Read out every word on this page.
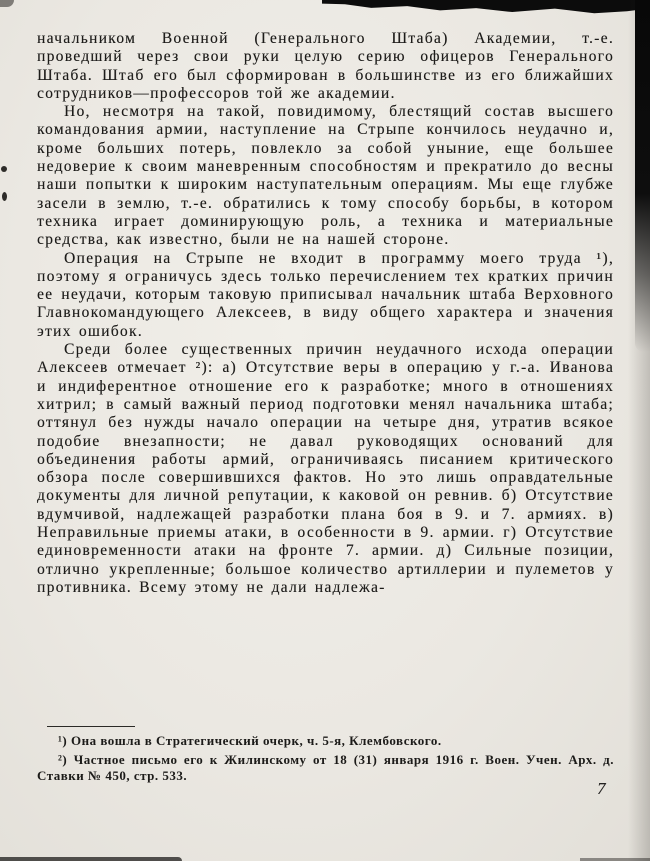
начальником Военной (Генерального Штаба) Академии, т.-е. проведший через свои руки целую серию офицеров Генерального Штаба. Штаб его был сформирован в большинстве из его ближайших сотрудников—профессоров той же академии.

Но, несмотря на такой, повидимому, блестящий состав высшего командования армии, наступление на Стрыпе кончилось неудачно и, кроме больших потерь, повлекло за собой уныние, еще большее недоверие к своим маневренным способностям и прекратило до весны наши попытки к широким наступательным операциям. Мы еще глубже засели в землю, т.-е. обратились к тому способу борьбы, в котором техника играет доминирующую роль, а техника и материальные средства, как известно, были не на нашей стороне.

Операция на Стрыпе не входит в программу моего труда ¹), поэтому я ограничусь здесь только перечислением тех кратких причин ее неудачи, которым таковую приписывал начальник штаба Верховного Главнокомандующего Алексеев, в виду общего характера и значения этих ошибок.

Среди более существенных причин неудачного исхода операции Алексеев отмечает ²): а) Отсутствие веры в операцию у г.-а. Иванова и индиферентное отношение его к разработке; много в отношениях хитрил; в самый важный период подготовки менял начальника штаба; оттянул без нужды начало операции на четыре дня, утратив всякое подобие внезапности; не давал руководящих оснований для объединения работы армий, ограничиваясь писанием критического обзора после совершившихся фактов. Но это лишь оправдательные документы для личной репутации, к каковой он ревнив. б) Отсутствие вдумчивой, надлежащей разработки плана боя в 9. и 7. армиях. в) Неправильные приемы атаки, в особенности в 9. армии. г) Отсутствие единовременности атаки на фронте 7. армии. д) Сильные позиции, отлично укрепленные; большое количество артиллерии и пулеметов у противника. Всему этому не дали надлежа-

¹) Она вошла в Стратегический очерк, ч. 5-я, Клембовского.

²) Частное письмо его к Жилинскому от 18 (31) января 1916 г. Воен. Учен. Арх. д. Ставки № 450, стр. 533.

7
